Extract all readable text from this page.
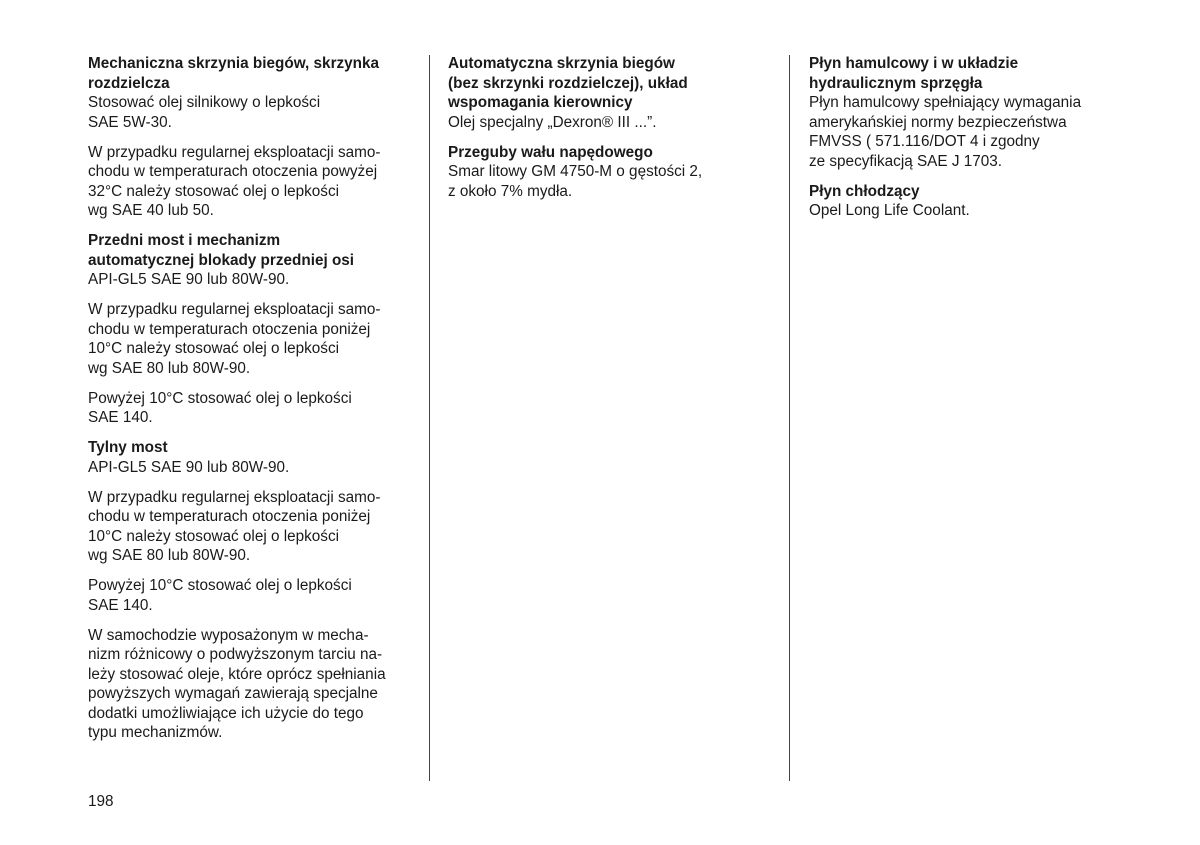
Mechaniczna skrzynia biegów, skrzynka
rozdzielcza

Stosować olej silnikowy o lepkości
SAE 5W-30.

W przypadku regularnej eksploatacji samo-
chodu w temperaturach otoczenia powyżej
32°C należy stosować olej o lepkości
wg SAE 40 lub 50.

Przedni most i mechanizm
automatycznej blokady przedniej osi

API-GL5 SAE 90 lub 80W-90.

W przypadku regularnej eksploatacji samo-
chodu w temperaturach otoczenia poniżej
10°C należy stosować olej o lepkości
wg SAE 80 lub 80W-90.

Powyżej 10°C stosować olej o lepkości
SAE 140.

Tylny most

API-GL5 SAE 90 lub 80W-90.

W przypadku regularnej eksploatacji samo-
chodu w temperaturach otoczenia poniżej
10°C należy stosować olej o lepkości
wg SAE 80 lub 80W-90.

Powyżej 10°C stosować olej o lepkości
SAE 140.

W samochodzie wyposażonym w mecha-
nizm różnicowy o podwyższonym tarciu na-
leży stosować oleje, które oprócz spełniania
powyższych wymagań zawierają specjalne
dodatki umożliwiające ich użycie do tego
typu mechanizmów.

Automatyczna skrzynia biegów
(bez skrzynki rozdzielczej), układ
wspomagania kierownicy

Olej specjalny „Dexron® III ...”.

Przeguby wału napędowego

Smar litowy GM 4750-M o gęstości 2,
z około 7% mydła.

Płyn hamulcowy i w układzie
hydraulicznym sprzęgła

Płyn hamulcowy spełniający wymagania
amerykańskiej normy bezpieczeństwa
FMVSS ( 571.116/DOT 4 i zgodny
ze specyfikacją SAE J 1703.

Płyn chłodzący

Opel Long Life Coolant.

198
